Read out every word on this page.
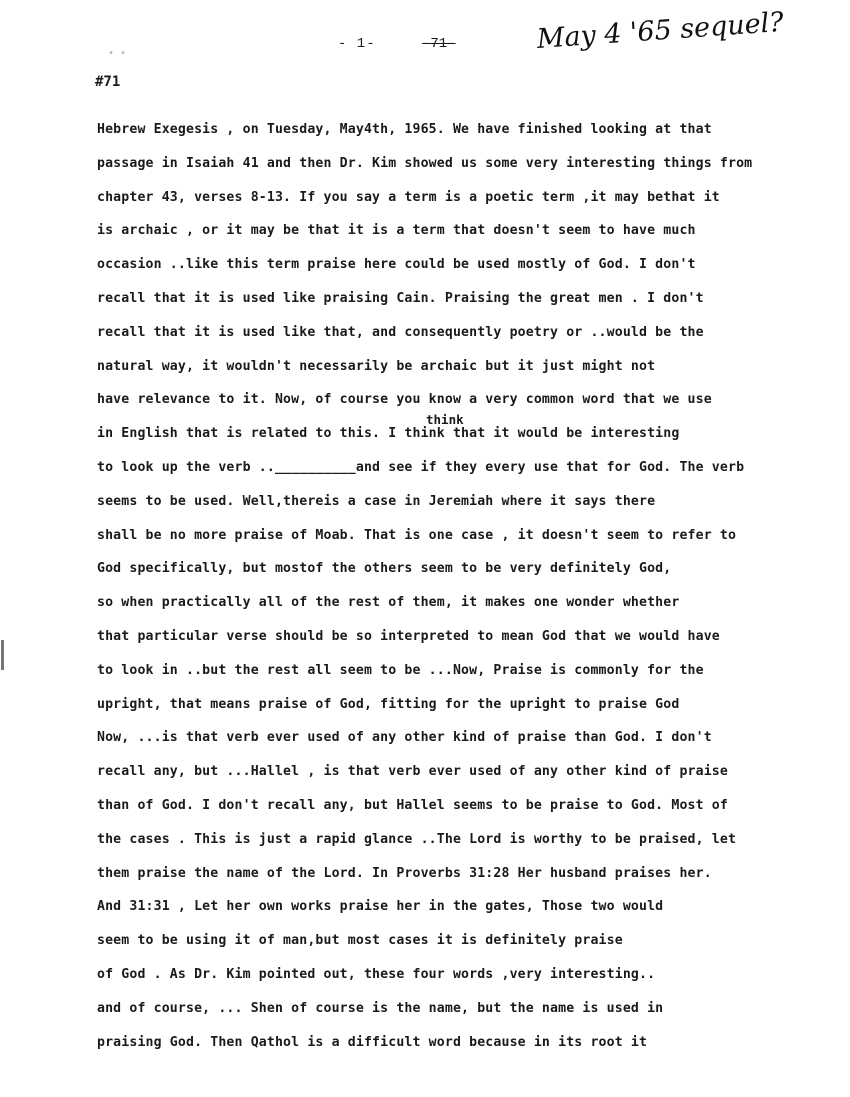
∙ ∙
- 1-	-71-	May 4 '65 sequel?
#71
think
Hebrew Exegesis , on Tuesday, May4th, 1965. We have finished looking at that
passage in Isaiah 41 and then Dr. Kim showed us some very interesting things from
chapter 43, verses 8-13. If you say a term is a poetic term ,it may bethat it
is archaic , or it may be that it is a term that doesn't seem to have much
occasion ..like this term praise here could be used mostly of God. I don't
recall that it is used like praising Cain. Praising the great men . I don't
recall that it is used like that, and consequently poetry or ..would be the
natural way, it wouldn't necessarily be archaic but it just might not
have relevance to it. Now, of course you know a very common word that we use
in English that is related to this. I think that it would be interesting
to look up the verb ..__________and see if they every use that for God. The verb
seems to be used. Well,thereis a case in Jeremiah where it says there
shall be no more praise of Moab. That is one case , it doesn't seem to refer to
God specifically, but mostof the others seem to be very definitely God,
so when practically all of the rest of them, it makes one wonder whether
that particular verse should be so interpreted to mean God that we would have
to look in ..but the rest all seem to be ...Now, Praise is commonly for the
upright, that means praise of God, fitting for the upright to praise God
Now, ...is that verb ever used of any other kind of praise than God. I don't
recall any, but ...Hallel , is that verb ever used of any other kind of praise
than of God. I don't recall any, but Hallel seems to be praise to God. Most of
the cases . This is just a rapid glance ..The Lord is worthy to be praised, let
them praise the name of the Lord. In Proverbs 31:28 Her husband praises her.
And 31:31 , Let her own works praise her in the gates, Those two would
seem to be using it of man,but most cases it is definitely praise
of God . As Dr. Kim pointed out, these four words ,very interesting..
and of course, ... Shen of course is the name, but the name is used in
praising God. Then Qathol is a difficult word because in its root it
